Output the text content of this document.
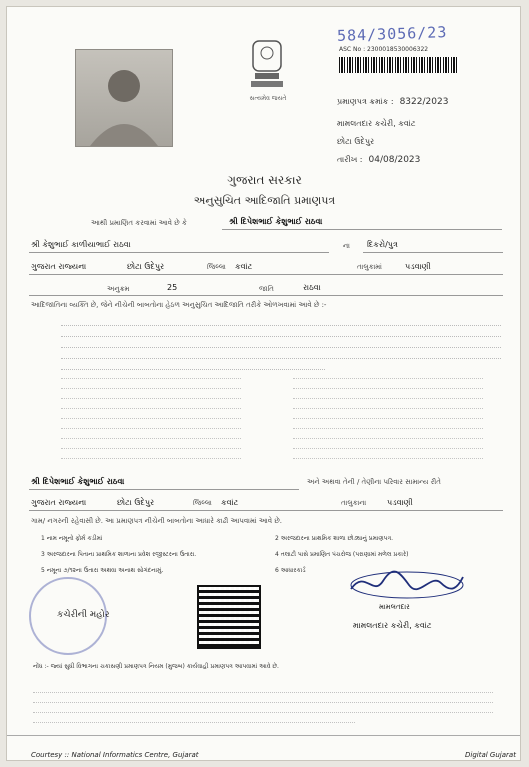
સત્યમેવ જયતે
584/3056/23
ASC No : 2300018530006322
પ્રમાણપત્ર ક્રમાંક : 8322/2023
મામલતદાર કચેરી, કવાંટ
છોટા ઉદેપુર
તારીખ : 04/08/2023
ગુજરાત સરકાર
અનુસુચિત આદિજાતિ પ્રમાણપત્ર
આથી પ્રમાણિત કરવામાં આવે છે કે	શ્રી દિપેશભાઈ કેશુભાઈ રાઠવા
શ્રી કેશુભાઈ કાળીયાભાઈ રાઠવા	ના દિકરો/પુત્ર
ગુજરાત રાજ્યના	છોટા ઉદેપુર	જિલ્લા કવાંટ	તાલુકામાં	પડવાણી
અનુક્રમ	25	જાતિ	રાઠવા
આદિજાતિના વ્યક્તિ છે, જેને નીચેની બાબતોના હેઠળ અનુસુચિત આદિજાતિ તરીકે ઓળખવામાં આવે છે :-
શ્રી દિપેશભાઈ કેશુભાઈ રાઠવા	અને અથવા તેની / તેણીના પરિવાર સામાન્ય રીતે
ગુજરાત રાજ્યના	છોટા ઉદેપુર	જિલ્લા કવાંટ	તાલુકાના	પડવાણી
ગામ/ નગરની રહેવાસી છે. આ પ્રમાણપત્ર નીચેની બાબતોના આધારે કાઢી આપવામાં આવે છે.
1 નામ નમૂનો ફોર્મ કડીમાં	2 અરજદારના પ્રાથમિક શાળા છોડ્યાનું પ્રમાણપત્ર.
3 અરજદારના પિતાના પ્રાથમિક શાળાના પ્રવેશ રજીસ્ટરના ઉતારા.	4 તલાટી પાસે પ્રમાણિત પંચરોજ (પરાણામાં મળેલ પ્રકારે)
5 નમૂના ૭/૧૨ના ઉતારા અથવા અનાથ સોગંદનામું.	6 આધારકાર્ડ
કચેરીની મહોર
મામલતદાર
મામલતદાર કચેરી, કવાંટ
નોંધ :- જ્યાં સુધી વિભાગના ચકાસણી પ્રમાણપત્ર નિયમ (મુજબ) કાર્યવાહી પ્રમાણપત્ર આપવામાં આવે છે.
Courtesy :: National Informatics Centre, Gujarat	Digital Gujarat
